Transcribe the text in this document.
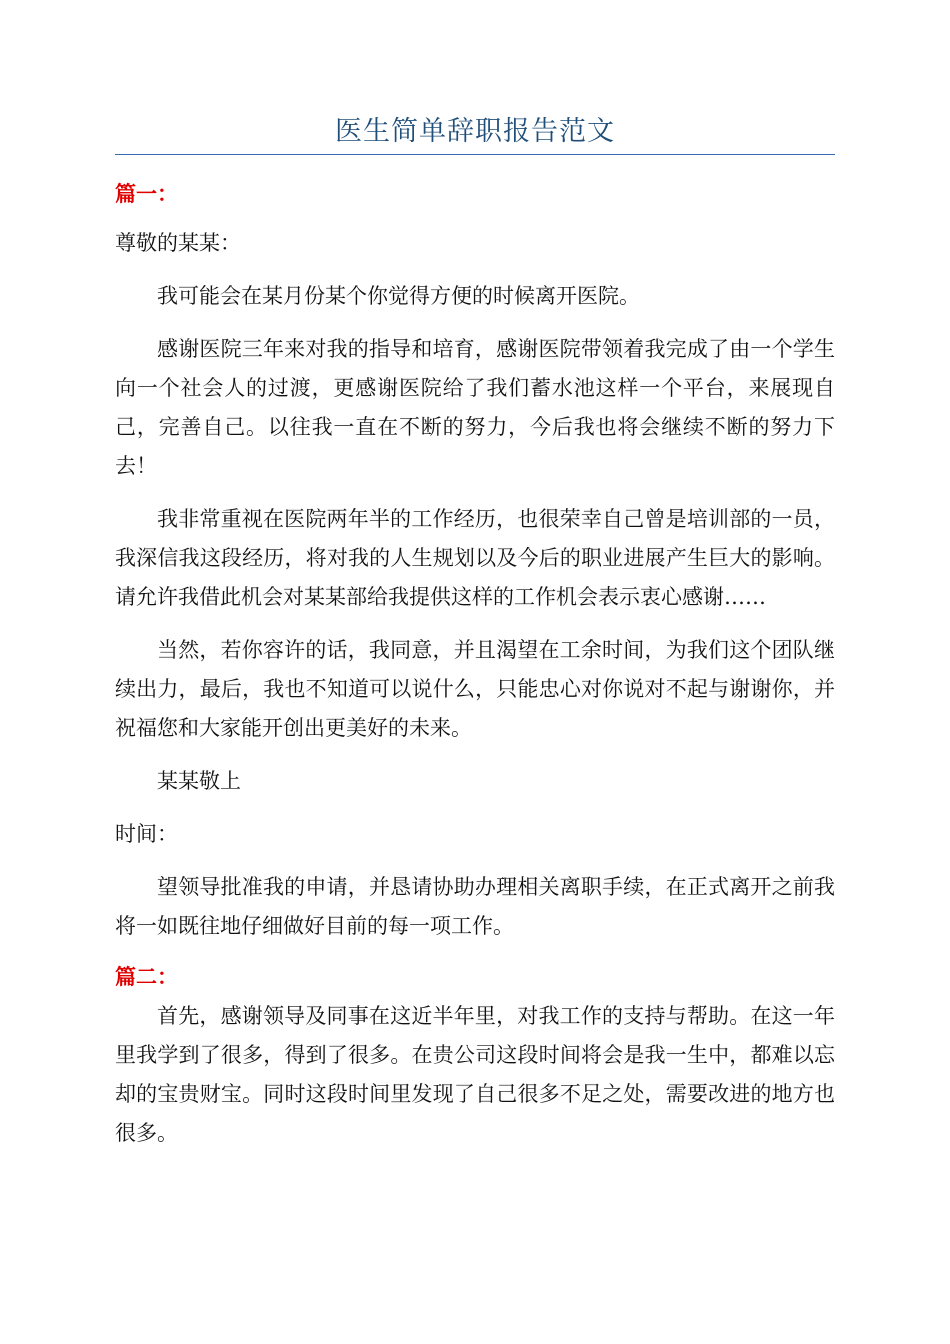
医生简单辞职报告范文

篇一：

尊敬的某某：

我可能会在某月份某个你觉得方便的时候离开医院。

感谢医院三年来对我的指导和培育，感谢医院带领着我完成了由一个学生向一个社会人的过渡，更感谢医院给了我们蓄水池这样一个平台，来展现自己，完善自己。以往我一直在不断的努力，今后我也将会继续不断的努力下去！

我非常重视在医院两年半的工作经历，也很荣幸自己曾是培训部的一员，我深信我这段经历，将对我的人生规划以及今后的职业进展产生巨大的影响。请允许我借此机会对某某部给我提供这样的工作机会表示衷心感谢……

当然，若你容许的话，我同意，并且渴望在工余时间，为我们这个团队继续出力，最后，我也不知道可以说什么，只能忠心对你说对不起与谢谢你，并祝福您和大家能开创出更美好的未来。

某某敬上

时间：

望领导批准我的申请，并恳请协助办理相关离职手续，在正式离开之前我将一如既往地仔细做好目前的每一项工作。

篇二：

首先，感谢领导及同事在这近半年里，对我工作的支持与帮助。在这一年里我学到了很多，得到了很多。在贵公司这段时间将会是我一生中，都难以忘却的宝贵财宝。同时这段时间里发现了自己很多不足之处，需要改进的地方也很多。
